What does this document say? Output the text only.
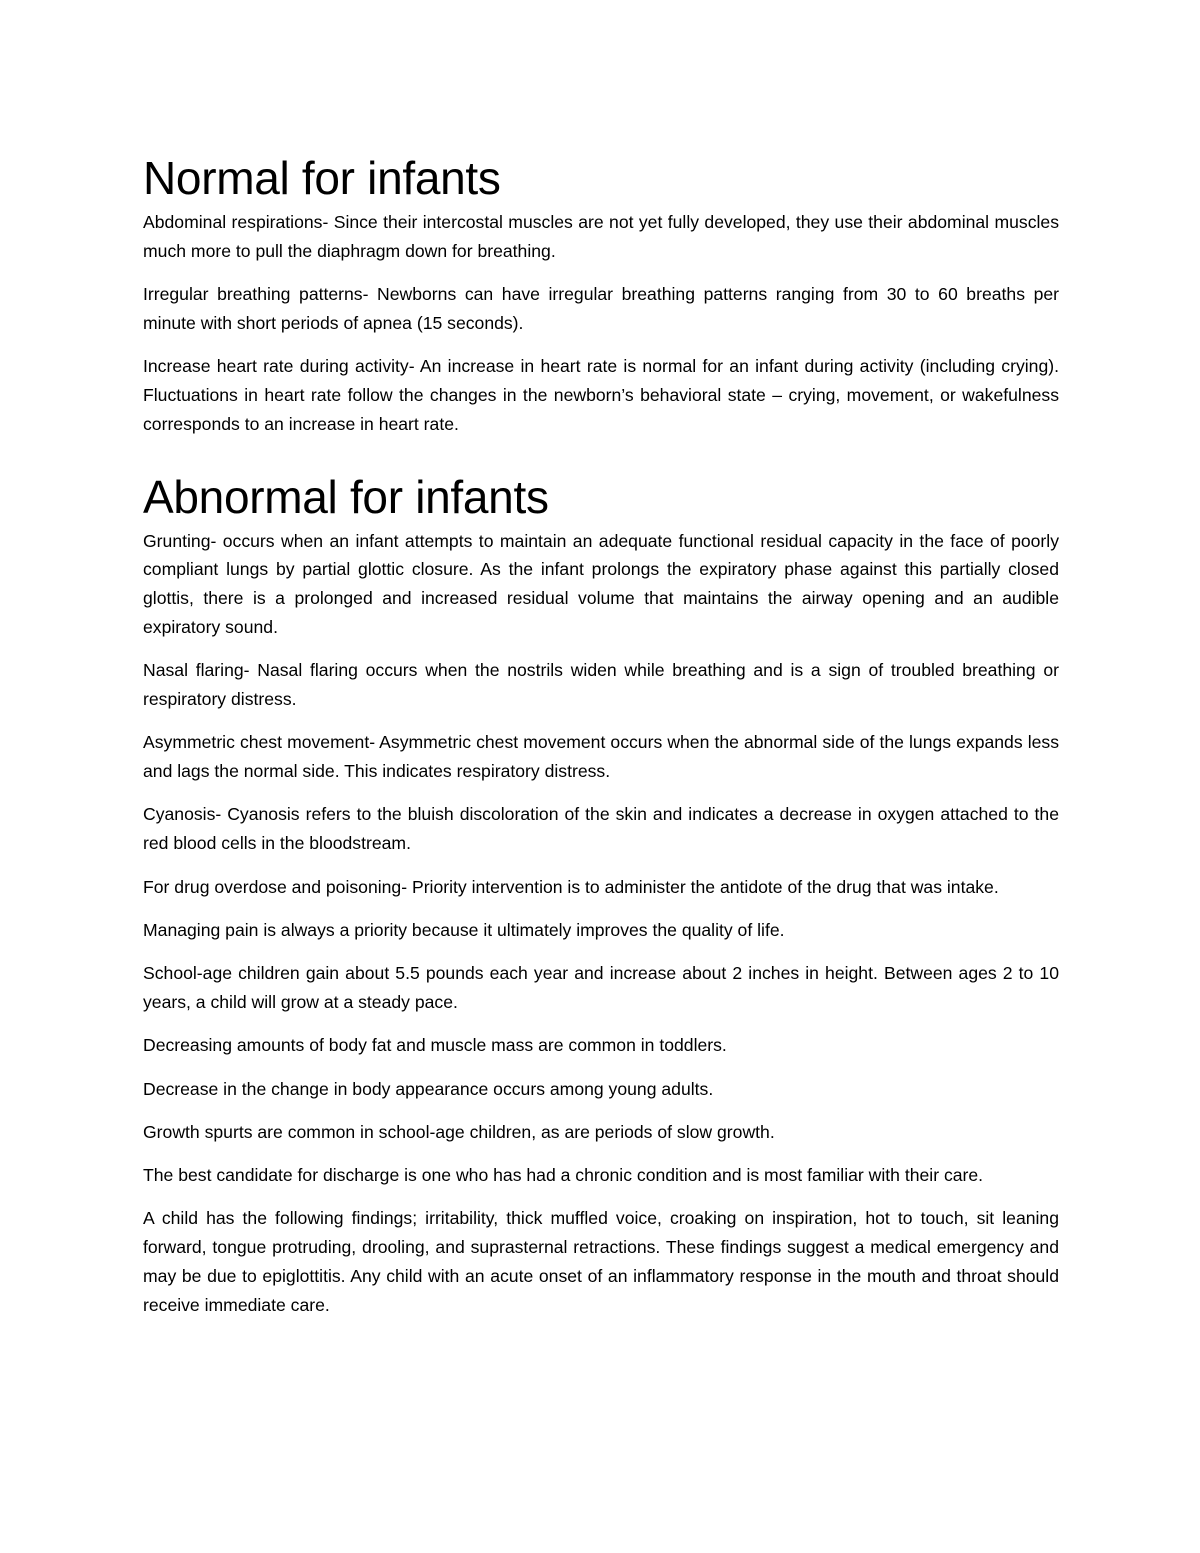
Normal for infants

Abdominal respirations- Since their intercostal muscles are not yet fully developed, they use their abdominal muscles much more to pull the diaphragm down for breathing.

Irregular breathing patterns- Newborns can have irregular breathing patterns ranging from 30 to 60 breaths per minute with short periods of apnea (15 seconds).

Increase heart rate during activity- An increase in heart rate is normal for an infant during activity (including crying). Fluctuations in heart rate follow the changes in the newborn’s behavioral state – crying, movement, or wakefulness corresponds to an increase in heart rate.

Abnormal for infants

Grunting- occurs when an infant attempts to maintain an adequate functional residual capacity in the face of poorly compliant lungs by partial glottic closure. As the infant prolongs the expiratory phase against this partially closed glottis, there is a prolonged and increased residual volume that maintains the airway opening and an audible expiratory sound.

Nasal flaring- Nasal flaring occurs when the nostrils widen while breathing and is a sign of troubled breathing or respiratory distress.

Asymmetric chest movement- Asymmetric chest movement occurs when the abnormal side of the lungs expands less and lags the normal side. This indicates respiratory distress.

Cyanosis- Cyanosis refers to the bluish discoloration of the skin and indicates a decrease in oxygen attached to the red blood cells in the bloodstream.

For drug overdose and poisoning- Priority intervention is to administer the antidote of the drug that was intake.

Managing pain is always a priority because it ultimately improves the quality of life.

School-age children gain about 5.5 pounds each year and increase about 2 inches in height. Between ages 2 to 10 years, a child will grow at a steady pace.

Decreasing amounts of body fat and muscle mass are common in toddlers.

Decrease in the change in body appearance occurs among young adults.

Growth spurts are common in school-age children, as are periods of slow growth.

The best candidate for discharge is one who has had a chronic condition and is most familiar with their care.

A child has the following findings; irritability, thick muffled voice, croaking on inspiration, hot to touch, sit leaning forward, tongue protruding, drooling, and suprasternal retractions. These findings suggest a medical emergency and may be due to epiglottitis. Any child with an acute onset of an inflammatory response in the mouth and throat should receive immediate care.
